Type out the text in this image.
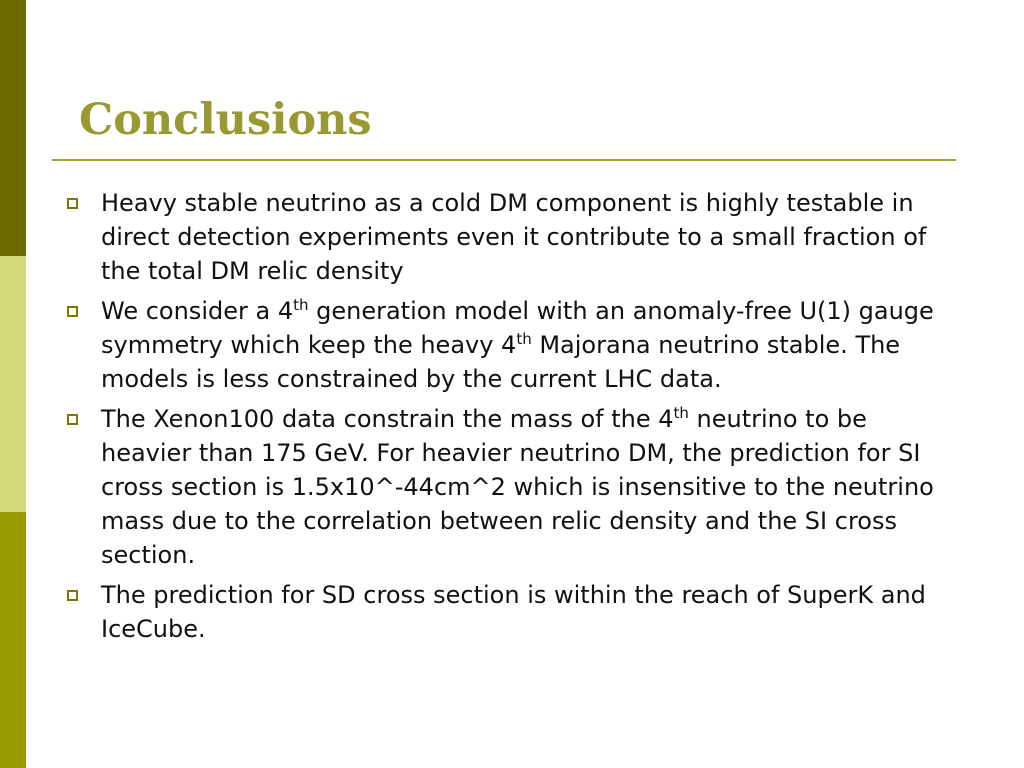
Conclusions
Heavy stable neutrino as a cold DM component is highly testable in direct detection experiments even it contribute to a small fraction of the total DM relic density
We consider a 4th generation model with an anomaly-free U(1) gauge symmetry which keep the heavy 4th Majorana neutrino stable. The models is less constrained by the current LHC data.
The Xenon100 data constrain the mass of the 4th neutrino to be heavier than 175 GeV. For heavier neutrino DM, the prediction for SI cross section is 1.5x10^-44cm^2 which is insensitive to the neutrino mass due to the correlation between relic density and the SI cross section.
The prediction for SD cross section is within the reach of SuperK and IceCube.
